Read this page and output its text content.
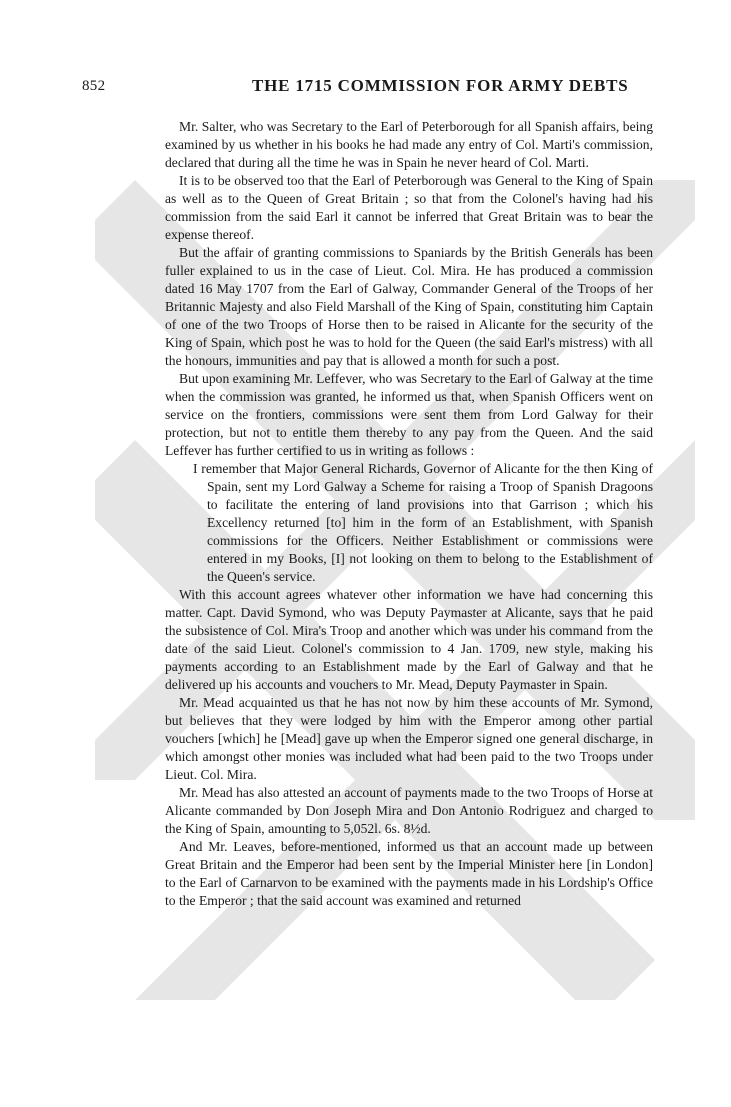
852	THE 1715 COMMISSION FOR ARMY DEBTS

Mr. Salter, who was Secretary to the Earl of Peterborough for all Spanish affairs, being examined by us whether in his books he had made any entry of Col. Marti's commission, declared that during all the time he was in Spain he never heard of Col. Marti.

It is to be observed too that the Earl of Peterborough was General to the King of Spain as well as to the Queen of Great Britain ; so that from the Colonel's having had his commission from the said Earl it cannot be inferred that Great Britain was to bear the expense thereof.

But the affair of granting commissions to Spaniards by the British Generals has been fuller explained to us in the case of Lieut. Col. Mira. He has produced a commission dated 16 May 1707 from the Earl of Galway, Commander General of the Troops of her Britannic Majesty and also Field Marshall of the King of Spain, constituting him Captain of one of the two Troops of Horse then to be raised in Alicante for the security of the King of Spain, which post he was to hold for the Queen (the said Earl's mistress) with all the honours, immunities and pay that is allowed a month for such a post.

But upon examining Mr. Leffever, who was Secretary to the Earl of Galway at the time when the commission was granted, he informed us that, when Spanish Officers went on service on the frontiers, commissions were sent them from Lord Galway for their protection, but not to entitle them thereby to any pay from the Queen. And the said Leffever has further certified to us in writing as follows :

I remember that Major General Richards, Governor of Alicante for the then King of Spain, sent my Lord Galway a Scheme for raising a Troop of Spanish Dragoons to facilitate the entering of land provisions into that Garrison ; which his Excellency returned [to] him in the form of an Establishment, with Spanish commissions for the Officers. Neither Establishment or commissions were entered in my Books, [I] not looking on them to belong to the Establishment of the Queen's service.

With this account agrees whatever other information we have had concerning this matter. Capt. David Symond, who was Deputy Paymaster at Alicante, says that he paid the subsistence of Col. Mira's Troop and another which was under his command from the date of the said Lieut. Colonel's commission to 4 Jan. 1709, new style, making his payments according to an Establishment made by the Earl of Galway and that he delivered up his accounts and vouchers to Mr. Mead, Deputy Paymaster in Spain.

Mr. Mead acquainted us that he has not now by him these accounts of Mr. Symond, but believes that they were lodged by him with the Emperor among other partial vouchers [which] he [Mead] gave up when the Emperor signed one general discharge, in which amongst other monies was included what had been paid to the two Troops under Lieut. Col. Mira.

Mr. Mead has also attested an account of payments made to the two Troops of Horse at Alicante commanded by Don Joseph Mira and Don Antonio Rodriguez and charged to the King of Spain, amounting to 5,052l. 6s. 8½d.

And Mr. Leaves, before-mentioned, informed us that an account made up between Great Britain and the Emperor had been sent by the Imperial Minister here [in London] to the Earl of Carnarvon to be examined with the payments made in his Lordship's Office to the Emperor ; that the said account was examined and returned
